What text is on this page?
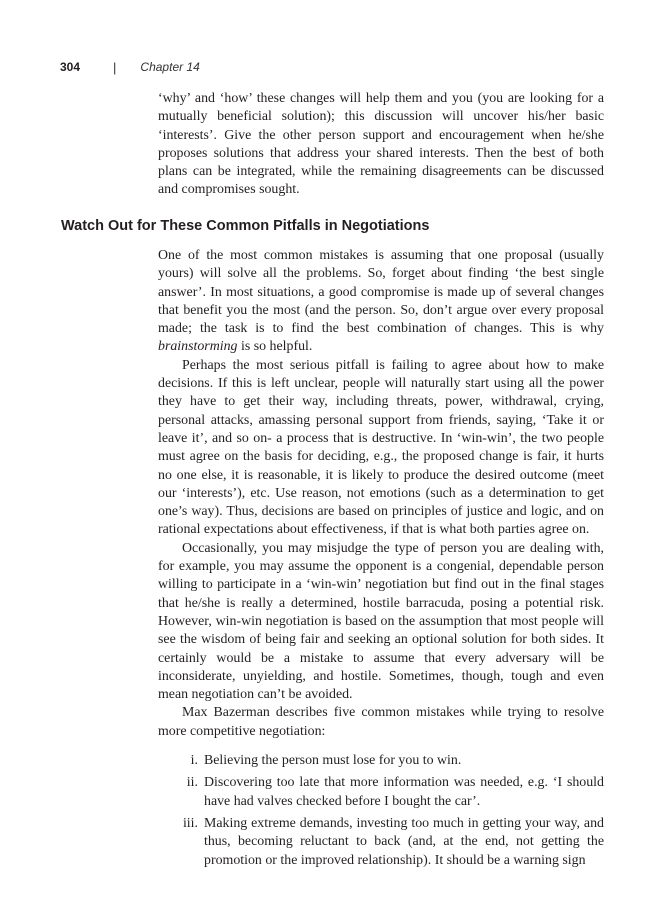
304	| Chapter 14

‘why’ and ‘how’ these changes will help them and you (you are looking for a mutually beneficial solution); this discussion will uncover his/her basic ‘interests’. Give the other person support and encouragement when he/she proposes solutions that address your shared interests. Then the best of both plans can be integrated, while the remaining disagreements can be discussed and compromises sought.

Watch Out for These Common Pitfalls in Negotiations

One of the most common mistakes is assuming that one proposal (usually yours) will solve all the problems. So, forget about finding ‘the best single answer’. In most situations, a good compromise is made up of several changes that benefit you the most (and the person. So, don’t argue over every proposal made; the task is to find the best combination of changes. This is why brainstorming is so helpful.

Perhaps the most serious pitfall is failing to agree about how to make decisions. If this is left unclear, people will naturally start using all the power they have to get their way, including threats, power, withdrawal, crying, personal attacks, amassing personal support from friends, saying, ‘Take it or leave it’, and so on- a process that is destructive. In ‘win-win’, the two people must agree on the basis for deciding, e.g., the proposed change is fair, it hurts no one else, it is reasonable, it is likely to produce the desired outcome (meet our ‘interests’), etc. Use reason, not emotions (such as a determination to get one’s way). Thus, decisions are based on principles of justice and logic, and on rational expectations about effectiveness, if that is what both parties agree on.

Occasionally, you may misjudge the type of person you are dealing with, for example, you may assume the opponent is a congenial, dependable person willing to participate in a ‘win-win’ negotiation but find out in the final stages that he/she is really a determined, hostile barracuda, posing a potential risk. However, win-win negotiation is based on the assumption that most people will see the wisdom of being fair and seeking an optional solution for both sides. It certainly would be a mistake to assume that every adversary will be inconsiderate, unyielding, and hostile. Sometimes, though, tough and even mean negotiation can’t be avoided.

Max Bazerman describes five common mistakes while trying to resolve more competitive negotiation:

i. Believing the person must lose for you to win.
ii. Discovering too late that more information was needed, e.g. ‘I should have had valves checked before I bought the car’.
iii. Making extreme demands, investing too much in getting your way, and thus, becoming reluctant to back (and, at the end, not getting the promotion or the improved relationship). It should be a warning sign
